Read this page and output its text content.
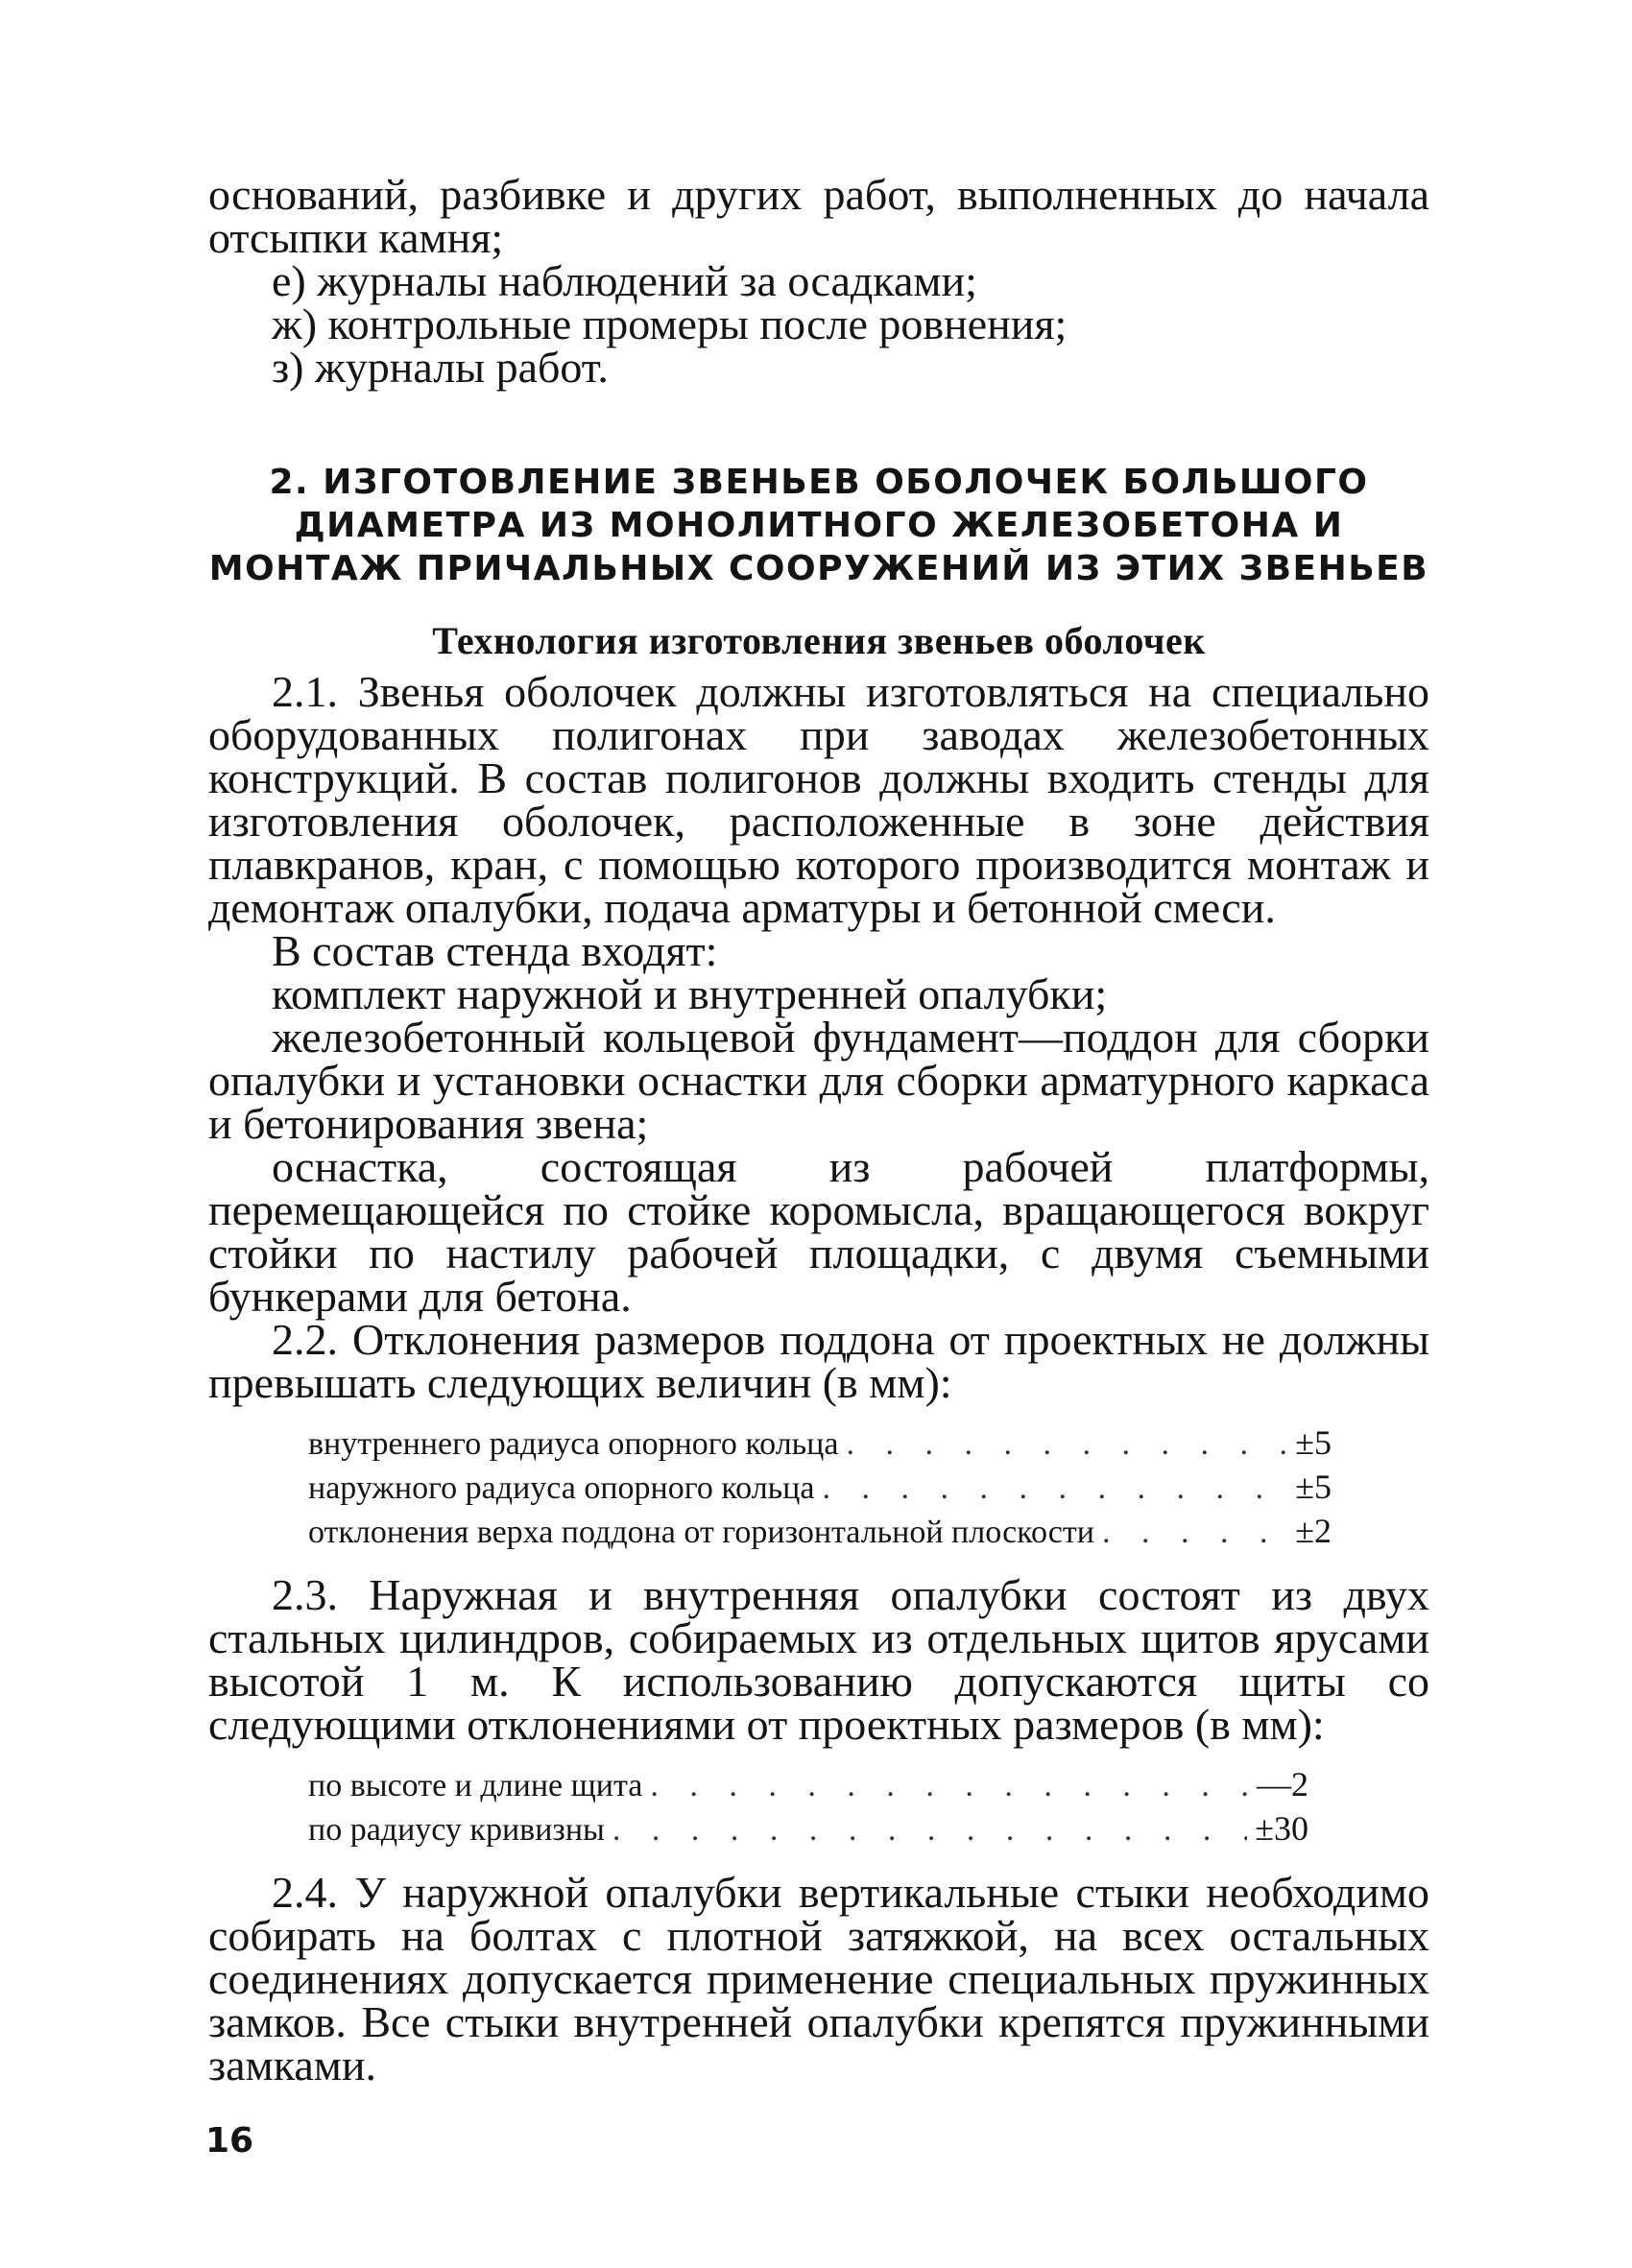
оснований, разбивке и других работ, выполненных до начала отсыпки камня;

е) журналы наблюдений за осадками;

ж) контрольные промеры после ровнения;

з) журналы работ.

2. ИЗГОТОВЛЕНИЕ ЗВЕНЬЕВ ОБОЛОЧЕК БОЛЬШОГО ДИАМЕТРА ИЗ МОНОЛИТНОГО ЖЕЛЕЗОБЕТОНА И МОНТАЖ ПРИЧАЛЬНЫХ СООРУЖЕНИЙ ИЗ ЭТИХ ЗВЕНЬЕВ
Технология изготовления звеньев оболочек

2.1. Звенья оболочек должны изготовляться на специально оборудованных полигонах при заводах железобетонных конструкций. В состав полигонов должны входить стенды для изготовления оболочек, расположенные в зоне действия плавкранов, кран, с помощью которого производится монтаж и демонтаж опалубки, подача арматуры и бетонной смеси.

В состав стенда входят:

комплект наружной и внутренней опалубки;

железобетонный кольцевой фундамент—поддон для сборки опалубки и установки оснастки для сборки арматурного каркаса и бетонирования звена;

оснастка, состоящая из рабочей платформы, перемещающейся по стойке коромысла, вращающегося вокруг стойки по настилу рабочей площадки, с двумя съемными бункерами для бетона.

2.2. Отклонения размеров поддона от проектных не должны превышать следующих величин (в мм):

внутреннего радиуса опорного кольца . . .	±5
наружного радиуса опорного кольца . . .	±5
отклонения верха поддона от горизонтальной плоскости . . .	±2

2.3. Наружная и внутренняя опалубки состоят из двух стальных цилиндров, собираемых из отдельных щитов ярусами высотой 1 м. К использованию допускаются щиты со следующими отклонениями от проектных размеров (в мм):

по высоте и длине щита . . .	—2
по радиусу кривизны . . .	±30

2.4. У наружной опалубки вертикальные стыки необходимо собирать на болтах с плотной затяжкой, на всех остальных соединениях допускается применение специальных пружинных замков. Все стыки внутренней опалубки крепятся пружинными замками.

16
